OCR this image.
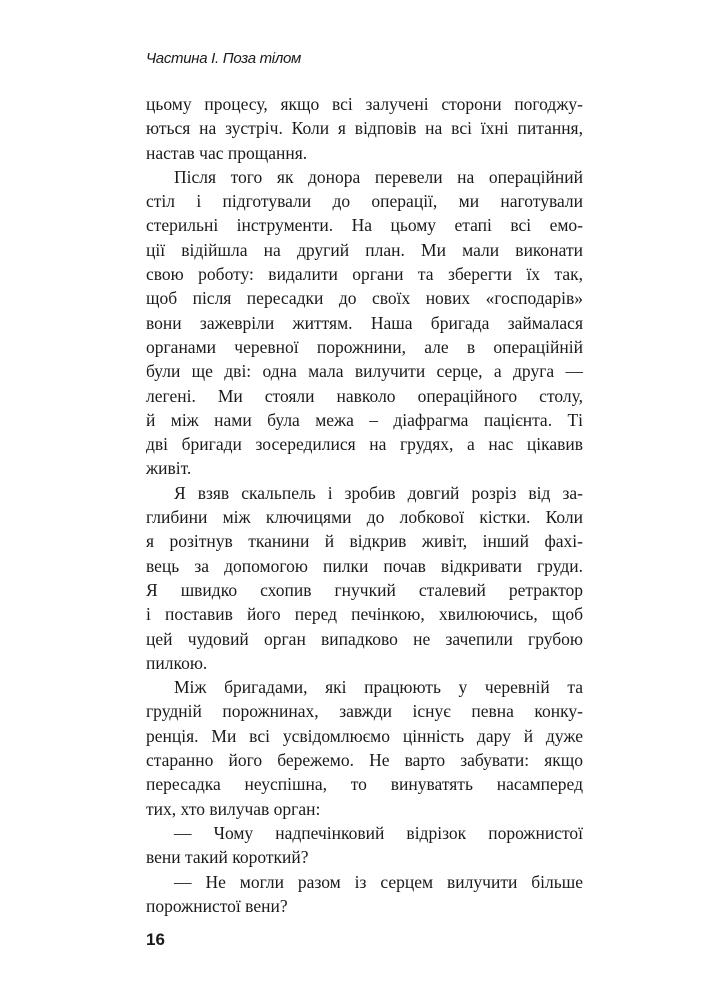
Частина І. Поза тілом
цьому процесу, якщо всі залучені сторони погоджу-
ються на зустріч. Коли я відповів на всі їхні питання,
настав час прощання.
Після того як донора перевели на операційний
стіл і підготували до операції, ми наготували
стерильні інструменти. На цьому етапі всі емо-
ції відійшла на другий план. Ми мали виконати
свою роботу: видалити органи та зберегти їх так,
щоб після пересадки до своїх нових «господарів»
вони зажевріли життям. Наша бригада займалася
органами черевної порожнини, але в операційній
були ще дві: одна мала вилучити серце, а друга —
легені. Ми стояли навколо операційного столу,
й між нами була межа – діафрагма пацієнта. Ті
дві бригади зосередилися на грудях, а нас цікавив
живіт.
Я взяв скальпель і зробив довгий розріз від за-
глибини між ключицями до лобкової кістки. Коли
я розітнув тканини й відкрив живіт, інший фахі-
вець за допомогою пилки почав відкривати груди.
Я швидко схопив гнучкий сталевий ретрактор
і поставив його перед печінкою, хвилюючись, щоб
цей чудовий орган випадково не зачепили грубою
пилкою.
Між бригадами, які працюють у черевній та
грудній порожнинах, завжди існує певна конку-
ренція. Ми всі усвідомлюємо цінність дару й дуже
старанно його бережемо. Не варто забувати: якщо
пересадка неуспішна, то винуватять насамперед
тих, хто вилучав орган:
— Чому надпечінковий відрізок порожнистої
вени такий короткий?
— Не могли разом із серцем вилучити більше
порожнистої вени?
16
